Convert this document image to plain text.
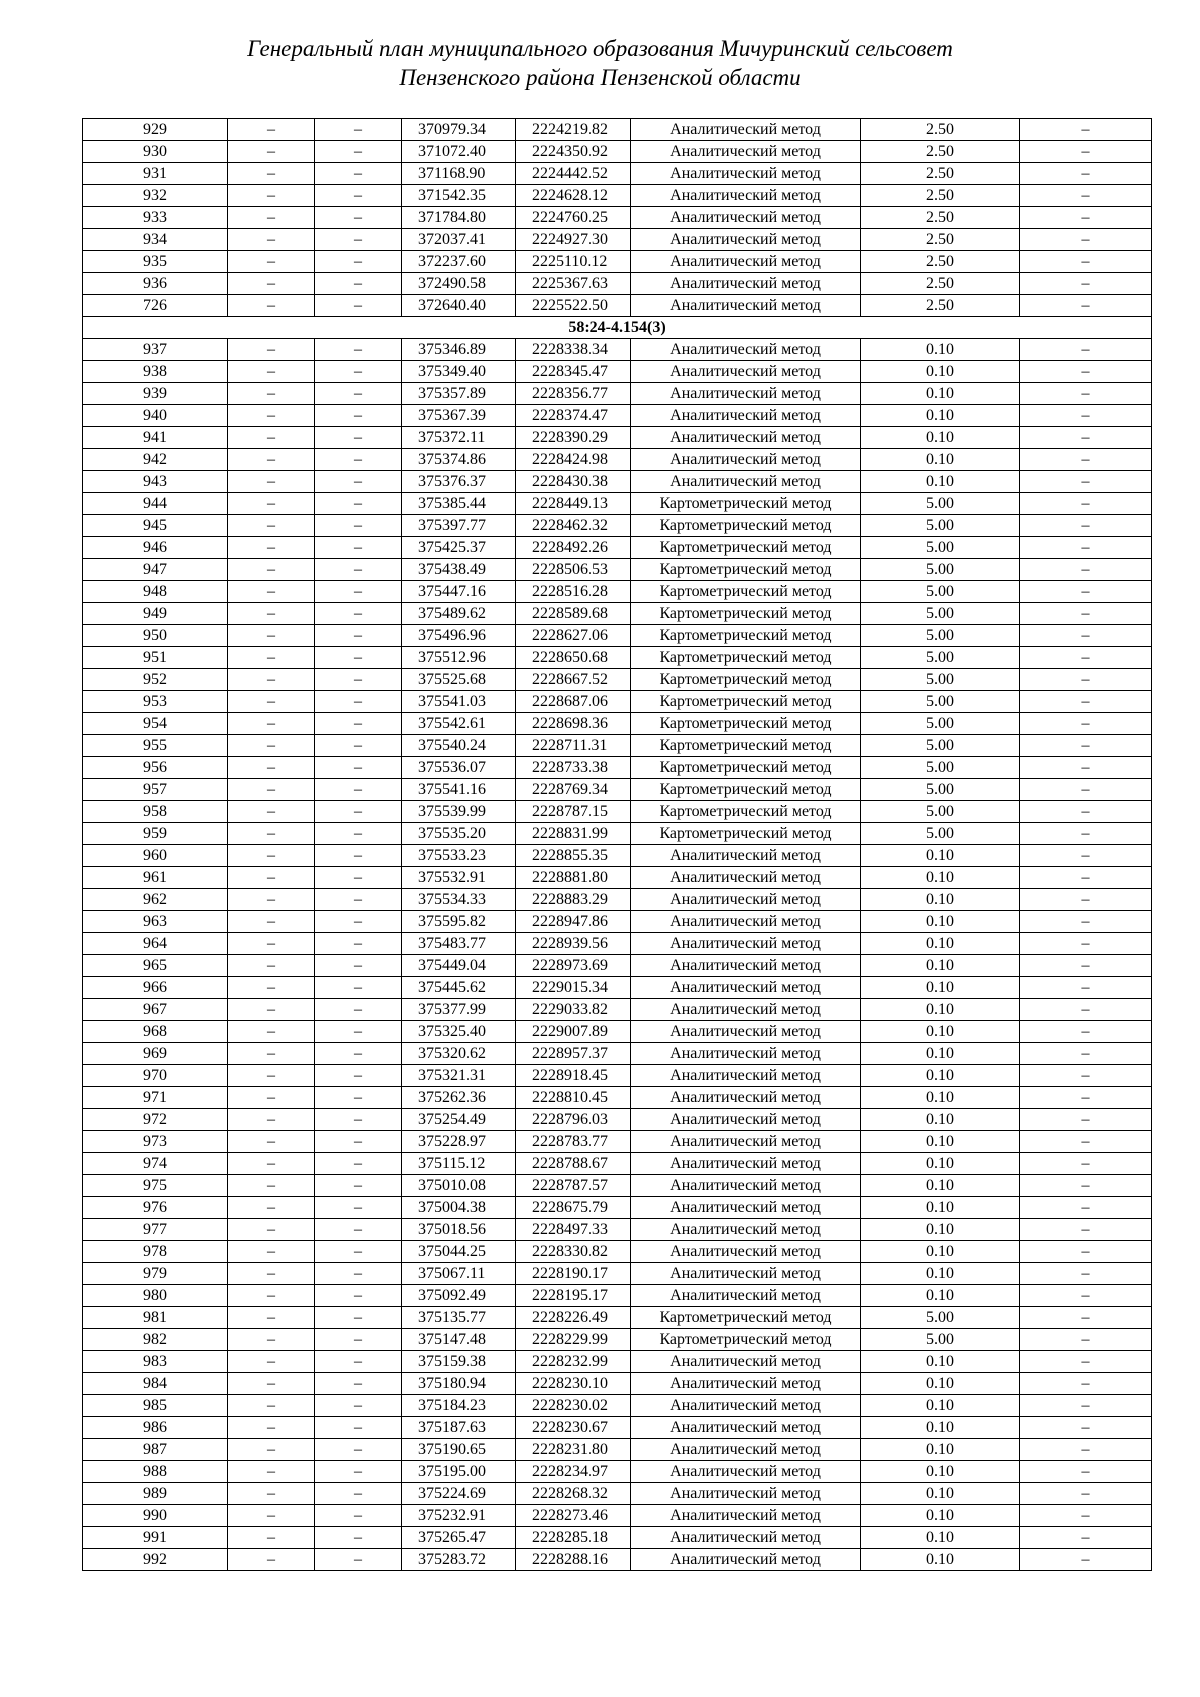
Генеральный план муниципального образования Мичуринский сельсовет
Пензенского района Пензенской области
929	–	–	370979.34	2224219.82	Аналитический метод	2.50	–
930	–	–	371072.40	2224350.92	Аналитический метод	2.50	–
931	–	–	371168.90	2224442.52	Аналитический метод	2.50	–
932	–	–	371542.35	2224628.12	Аналитический метод	2.50	–
933	–	–	371784.80	2224760.25	Аналитический метод	2.50	–
934	–	–	372037.41	2224927.30	Аналитический метод	2.50	–
935	–	–	372237.60	2225110.12	Аналитический метод	2.50	–
936	–	–	372490.58	2225367.63	Аналитический метод	2.50	–
726	–	–	372640.40	2225522.50	Аналитический метод	2.50	–
58:24-4.154(3)							
937	–	–	375346.89	2228338.34	Аналитический метод	0.10	–
938	–	–	375349.40	2228345.47	Аналитический метод	0.10	–
939	–	–	375357.89	2228356.77	Аналитический метод	0.10	–
940	–	–	375367.39	2228374.47	Аналитический метод	0.10	–
941	–	–	375372.11	2228390.29	Аналитический метод	0.10	–
942	–	–	375374.86	2228424.98	Аналитический метод	0.10	–
943	–	–	375376.37	2228430.38	Аналитический метод	0.10	–
944	–	–	375385.44	2228449.13	Картометрический метод	5.00	–
945	–	–	375397.77	2228462.32	Картометрический метод	5.00	–
946	–	–	375425.37	2228492.26	Картометрический метод	5.00	–
947	–	–	375438.49	2228506.53	Картометрический метод	5.00	–
948	–	–	375447.16	2228516.28	Картометрический метод	5.00	–
949	–	–	375489.62	2228589.68	Картометрический метод	5.00	–
950	–	–	375496.96	2228627.06	Картометрический метод	5.00	–
951	–	–	375512.96	2228650.68	Картометрический метод	5.00	–
952	–	–	375525.68	2228667.52	Картометрический метод	5.00	–
953	–	–	375541.03	2228687.06	Картометрический метод	5.00	–
954	–	–	375542.61	2228698.36	Картометрический метод	5.00	–
955	–	–	375540.24	2228711.31	Картометрический метод	5.00	–
956	–	–	375536.07	2228733.38	Картометрический метод	5.00	–
957	–	–	375541.16	2228769.34	Картометрический метод	5.00	–
958	–	–	375539.99	2228787.15	Картометрический метод	5.00	–
959	–	–	375535.20	2228831.99	Картометрический метод	5.00	–
960	–	–	375533.23	2228855.35	Аналитический метод	0.10	–
961	–	–	375532.91	2228881.80	Аналитический метод	0.10	–
962	–	–	375534.33	2228883.29	Аналитический метод	0.10	–
963	–	–	375595.82	2228947.86	Аналитический метод	0.10	–
964	–	–	375483.77	2228939.56	Аналитический метод	0.10	–
965	–	–	375449.04	2228973.69	Аналитический метод	0.10	–
966	–	–	375445.62	2229015.34	Аналитический метод	0.10	–
967	–	–	375377.99	2229033.82	Аналитический метод	0.10	–
968	–	–	375325.40	2229007.89	Аналитический метод	0.10	–
969	–	–	375320.62	2228957.37	Аналитический метод	0.10	–
970	–	–	375321.31	2228918.45	Аналитический метод	0.10	–
971	–	–	375262.36	2228810.45	Аналитический метод	0.10	–
972	–	–	375254.49	2228796.03	Аналитический метод	0.10	–
973	–	–	375228.97	2228783.77	Аналитический метод	0.10	–
974	–	–	375115.12	2228788.67	Аналитический метод	0.10	–
975	–	–	375010.08	2228787.57	Аналитический метод	0.10	–
976	–	–	375004.38	2228675.79	Аналитический метод	0.10	–
977	–	–	375018.56	2228497.33	Аналитический метод	0.10	–
978	–	–	375044.25	2228330.82	Аналитический метод	0.10	–
979	–	–	375067.11	2228190.17	Аналитический метод	0.10	–
980	–	–	375092.49	2228195.17	Аналитический метод	0.10	–
981	–	–	375135.77	2228226.49	Картометрический метод	5.00	–
982	–	–	375147.48	2228229.99	Картометрический метод	5.00	–
983	–	–	375159.38	2228232.99	Аналитический метод	0.10	–
984	–	–	375180.94	2228230.10	Аналитический метод	0.10	–
985	–	–	375184.23	2228230.02	Аналитический метод	0.10	–
986	–	–	375187.63	2228230.67	Аналитический метод	0.10	–
987	–	–	375190.65	2228231.80	Аналитический метод	0.10	–
988	–	–	375195.00	2228234.97	Аналитический метод	0.10	–
989	–	–	375224.69	2228268.32	Аналитический метод	0.10	–
990	–	–	375232.91	2228273.46	Аналитический метод	0.10	–
991	–	–	375265.47	2228285.18	Аналитический метод	0.10	–
992	–	–	375283.72	2228288.16	Аналитический метод	0.10	–
